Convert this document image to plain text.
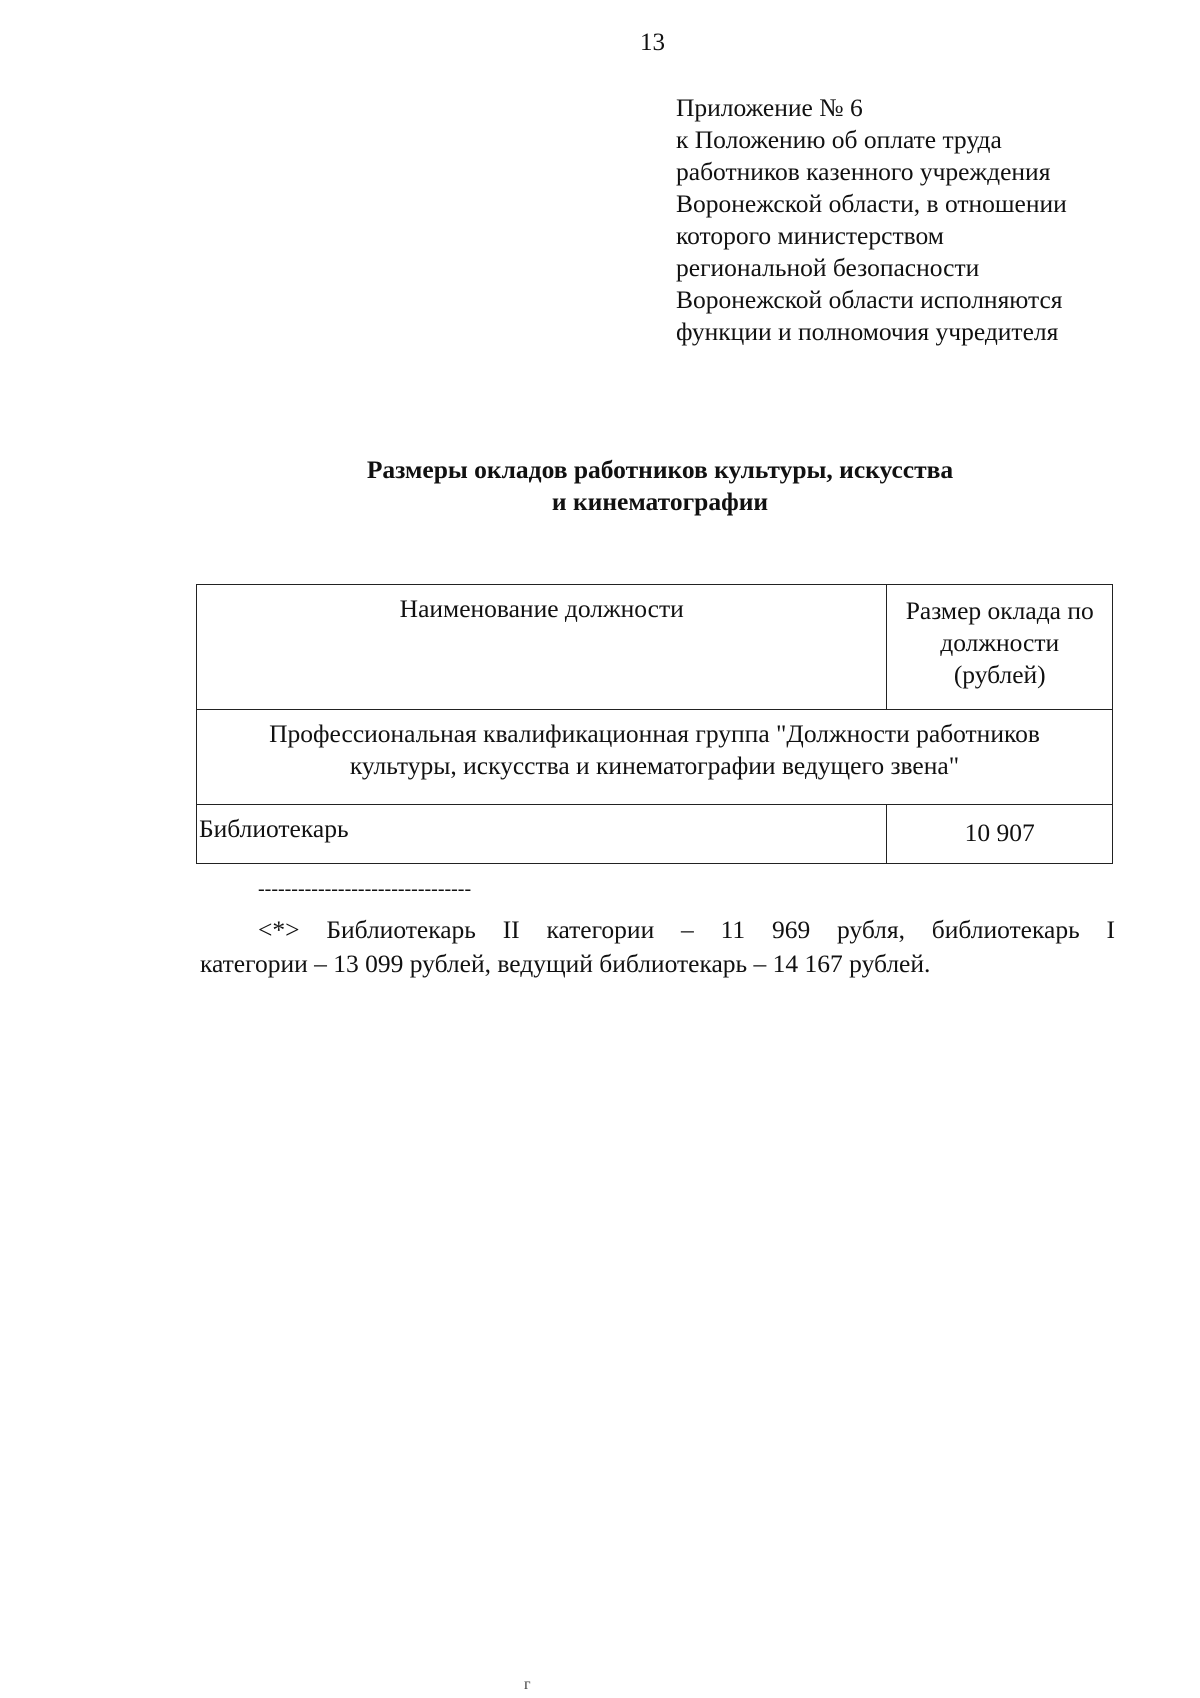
13
Приложение № 6
к Положению об оплате труда
работников казенного учреждения
Воронежской области, в отношении
которого министерством
региональной безопасности
Воронежской области исполняются
функции и полномочия учредителя
Размеры окладов работников культуры, искусства
и кинематографии
Наименование должности	Размер оклада по
должности
(рублей)

Профессиональная квалификационная группа "Должности работников
культуры, искусства и кинематографии ведущего звена"	

Библиотекарь	10 907
--------------------------------
<*> Библиотекарь II категории – 11 969 рубля, библиотекарь I
категории – 13 099 рублей, ведущий библиотекарь – 14 167 рублей.
г
